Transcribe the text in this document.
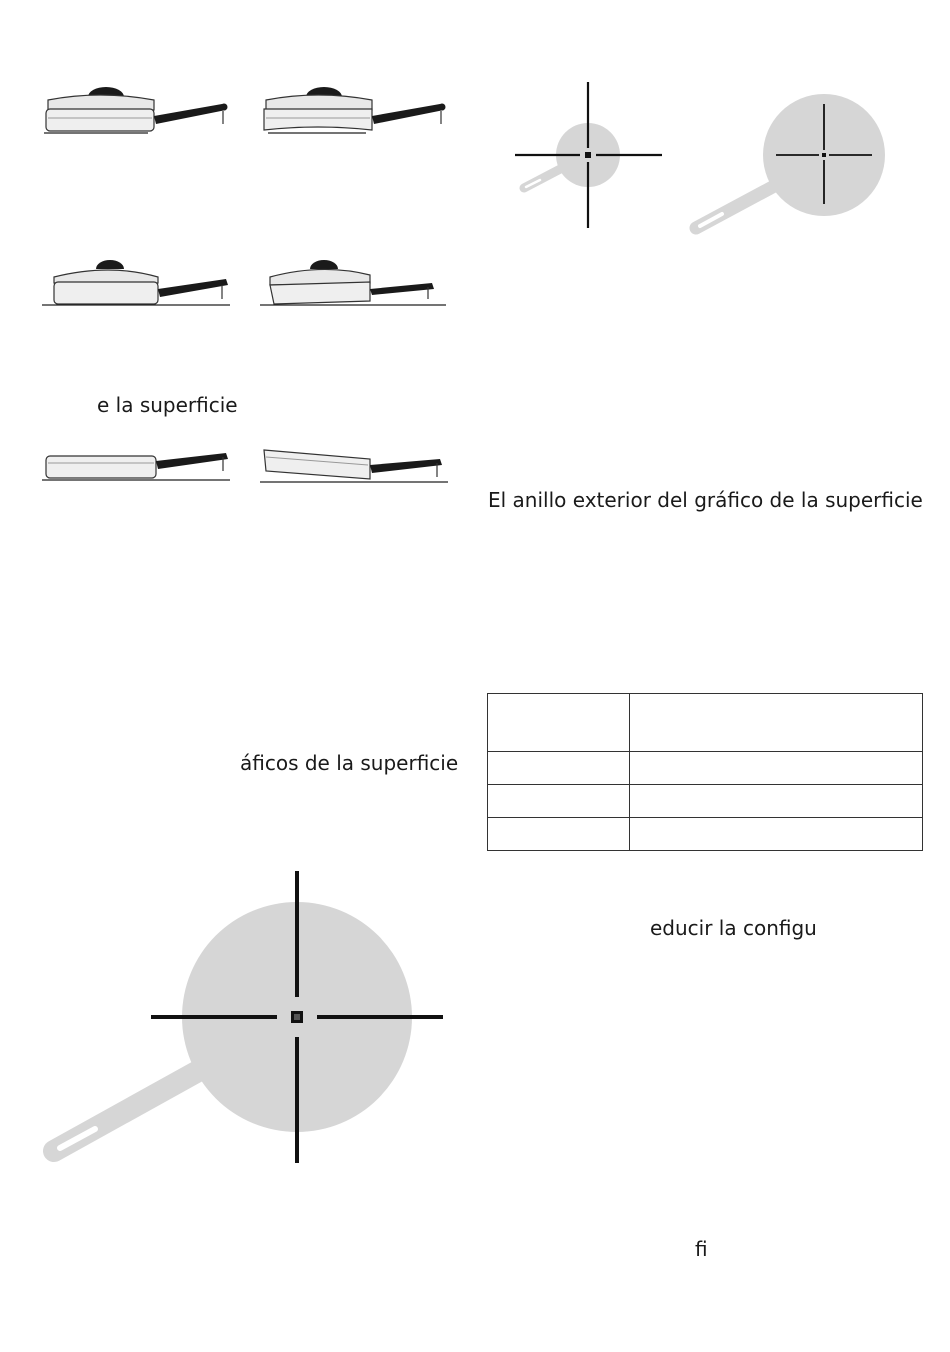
e la superficie
áficos de la superficie
El anillo exterior del gráfico de la superficie

educir la configu
fi
